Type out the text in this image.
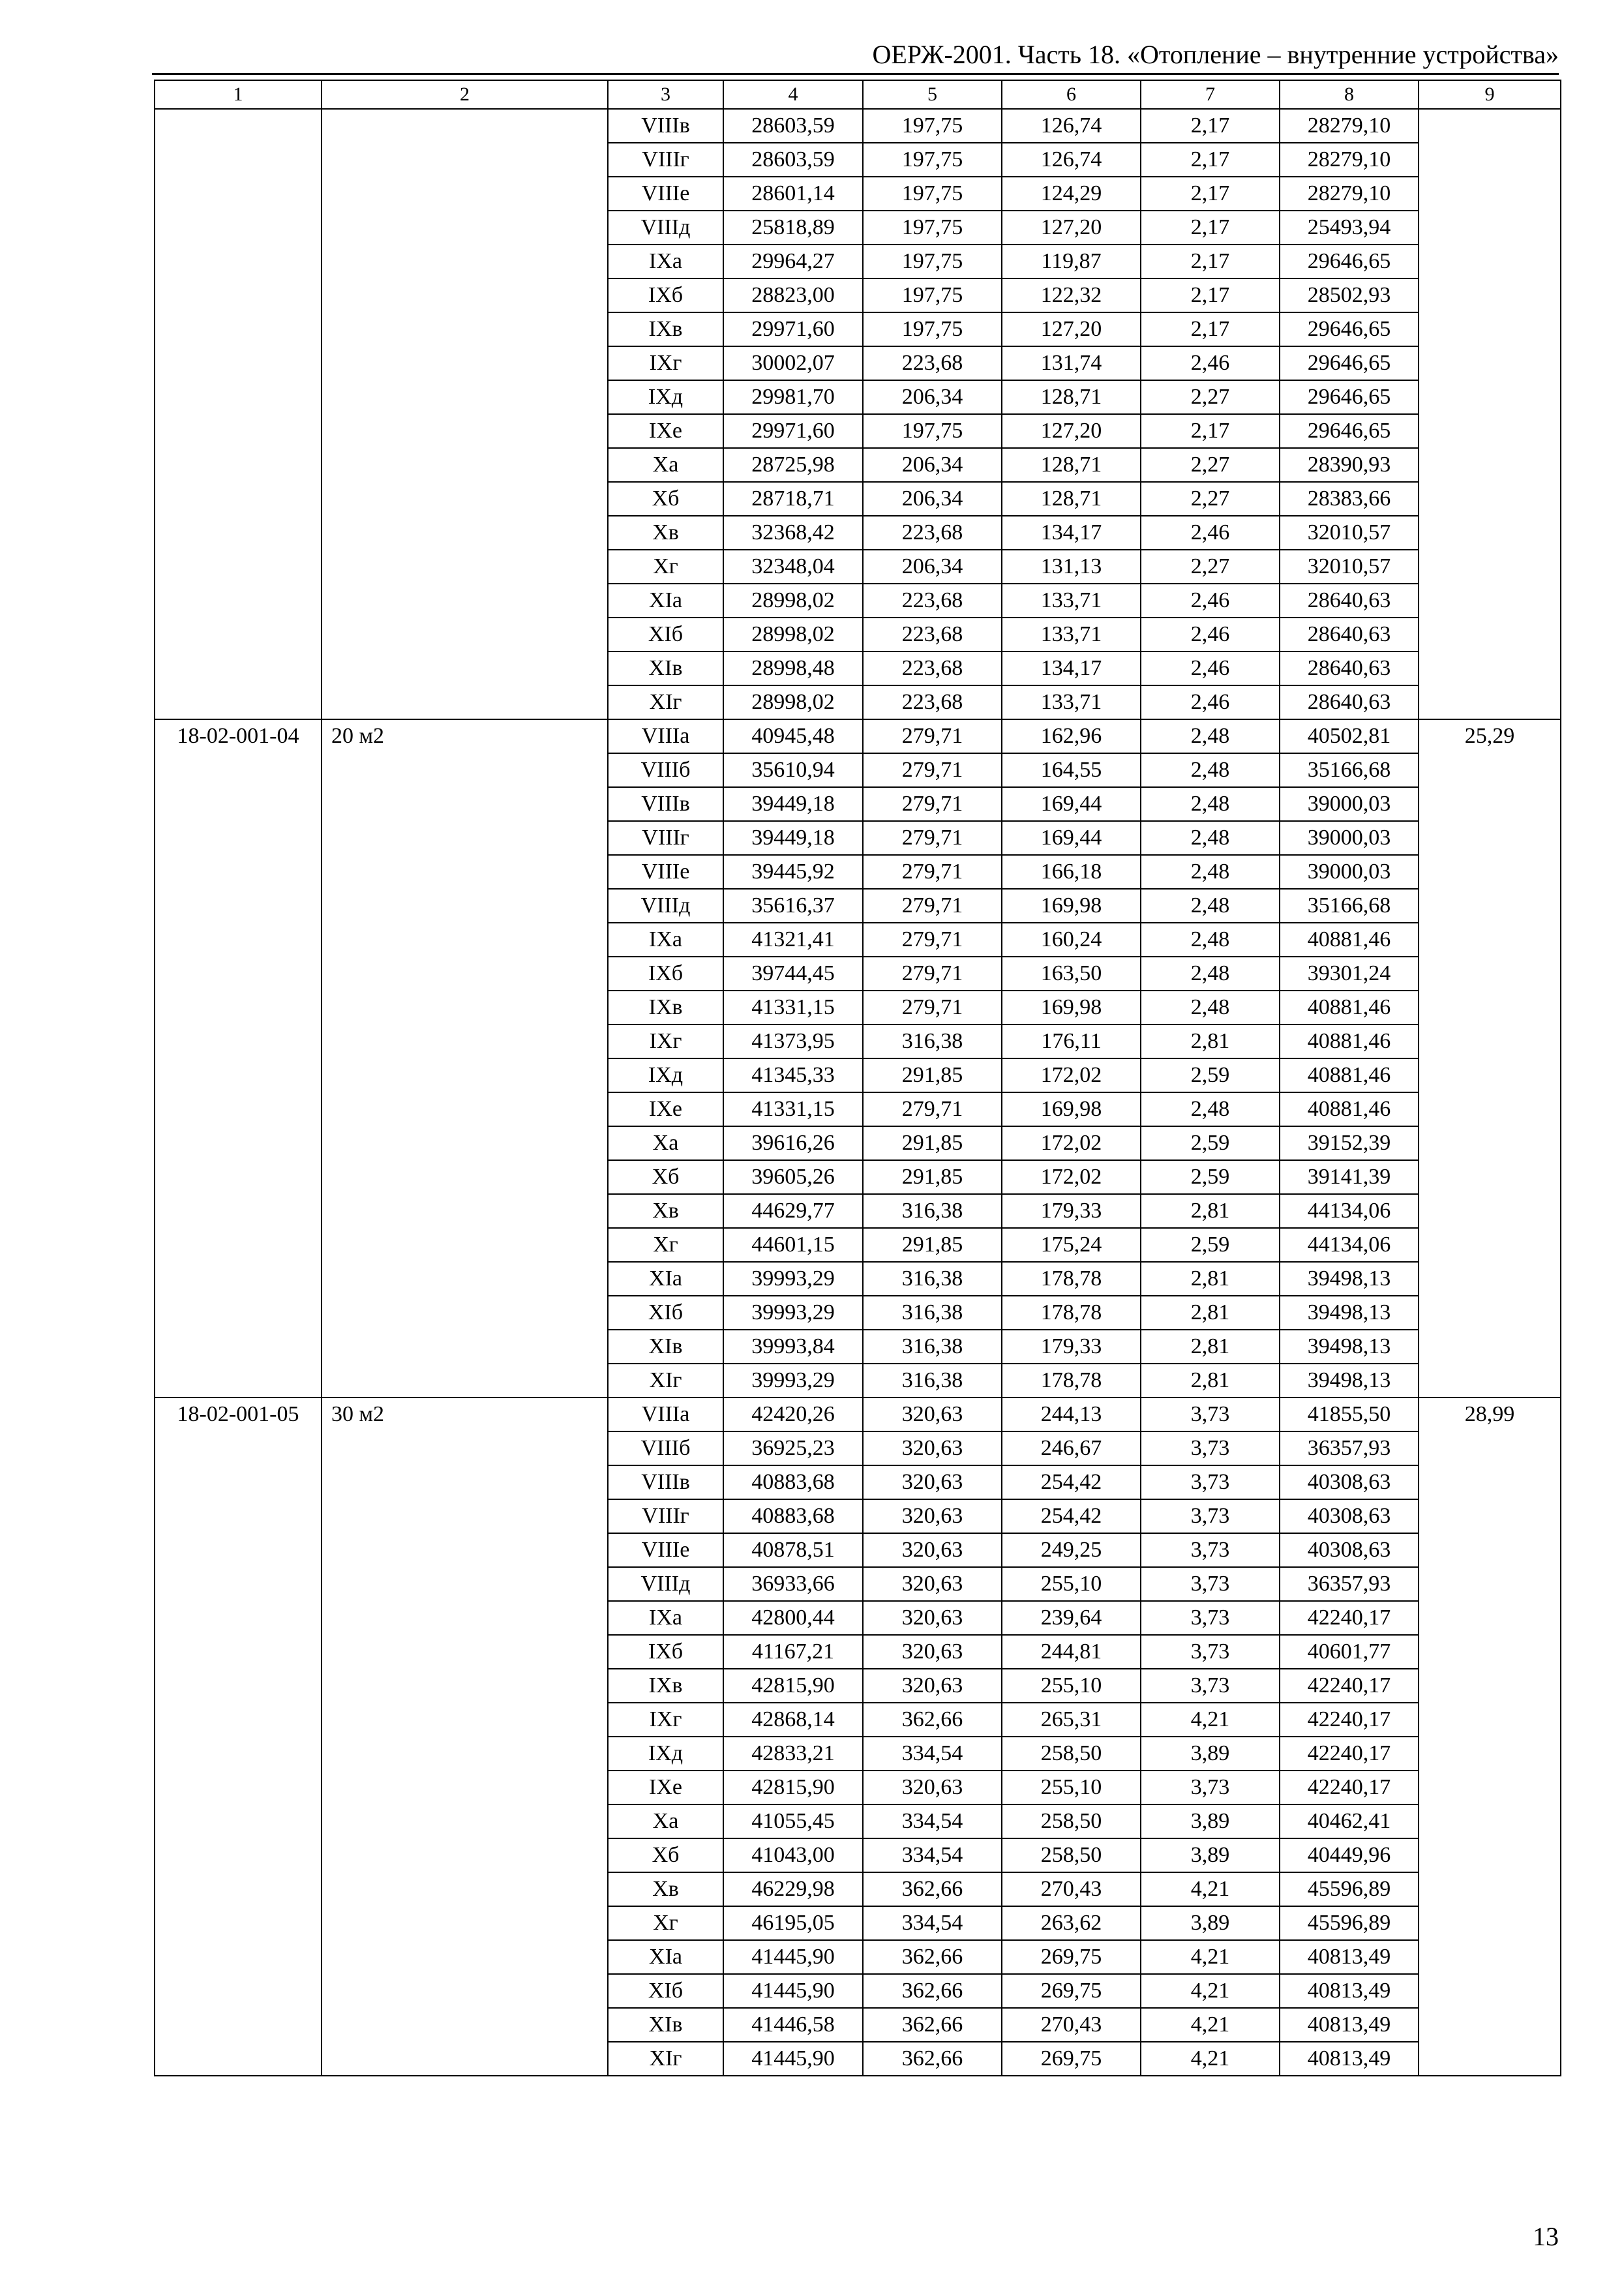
ОЕРЖ-2001. Часть 18. «Отопление – внутренние устройства»
1	2	3	4	5	6	7	8	9
		VIIIв	28603,59	197,75	126,74	2,17	28279,10	
		VIIIг	28603,59	197,75	126,74	2,17	28279,10	
		VIIIе	28601,14	197,75	124,29	2,17	28279,10	
		VIIIд	25818,89	197,75	127,20	2,17	25493,94	
		IXа	29964,27	197,75	119,87	2,17	29646,65	
		IXб	28823,00	197,75	122,32	2,17	28502,93	
		IXв	29971,60	197,75	127,20	2,17	29646,65	
		IXг	30002,07	223,68	131,74	2,46	29646,65	
		IXд	29981,70	206,34	128,71	2,27	29646,65	
		IXе	29971,60	197,75	127,20	2,17	29646,65	
		Xа	28725,98	206,34	128,71	2,27	28390,93	
		Xб	28718,71	206,34	128,71	2,27	28383,66	
		Xв	32368,42	223,68	134,17	2,46	32010,57	
		Xг	32348,04	206,34	131,13	2,27	32010,57	
		XIа	28998,02	223,68	133,71	2,46	28640,63	
		XIб	28998,02	223,68	133,71	2,46	28640,63	
		XIв	28998,48	223,68	134,17	2,46	28640,63	
		XIг	28998,02	223,68	133,71	2,46	28640,63	
18-02-001-04	20 м2	VIIIа	40945,48	279,71	162,96	2,48	40502,81	25,29
		VIIIб	35610,94	279,71	164,55	2,48	35166,68	
		VIIIв	39449,18	279,71	169,44	2,48	39000,03	
		VIIIг	39449,18	279,71	169,44	2,48	39000,03	
		VIIIе	39445,92	279,71	166,18	2,48	39000,03	
		VIIIд	35616,37	279,71	169,98	2,48	35166,68	
		IXа	41321,41	279,71	160,24	2,48	40881,46	
		IXб	39744,45	279,71	163,50	2,48	39301,24	
		IXв	41331,15	279,71	169,98	2,48	40881,46	
		IXг	41373,95	316,38	176,11	2,81	40881,46	
		IXд	41345,33	291,85	172,02	2,59	40881,46	
		IXе	41331,15	279,71	169,98	2,48	40881,46	
		Xа	39616,26	291,85	172,02	2,59	39152,39	
		Xб	39605,26	291,85	172,02	2,59	39141,39	
		Xв	44629,77	316,38	179,33	2,81	44134,06	
		Xг	44601,15	291,85	175,24	2,59	44134,06	
		XIа	39993,29	316,38	178,78	2,81	39498,13	
		XIб	39993,29	316,38	178,78	2,81	39498,13	
		XIв	39993,84	316,38	179,33	2,81	39498,13	
		XIг	39993,29	316,38	178,78	2,81	39498,13	
18-02-001-05	30 м2	VIIIа	42420,26	320,63	244,13	3,73	41855,50	28,99
		VIIIб	36925,23	320,63	246,67	3,73	36357,93	
		VIIIв	40883,68	320,63	254,42	3,73	40308,63	
		VIIIг	40883,68	320,63	254,42	3,73	40308,63	
		VIIIе	40878,51	320,63	249,25	3,73	40308,63	
		VIIIд	36933,66	320,63	255,10	3,73	36357,93	
		IXа	42800,44	320,63	239,64	3,73	42240,17	
		IXб	41167,21	320,63	244,81	3,73	40601,77	
		IXв	42815,90	320,63	255,10	3,73	42240,17	
		IXг	42868,14	362,66	265,31	4,21	42240,17	
		IXд	42833,21	334,54	258,50	3,89	42240,17	
		IXе	42815,90	320,63	255,10	3,73	42240,17	
		Xа	41055,45	334,54	258,50	3,89	40462,41	
		Xб	41043,00	334,54	258,50	3,89	40449,96	
		Xв	46229,98	362,66	270,43	4,21	45596,89	
		Xг	46195,05	334,54	263,62	3,89	45596,89	
		XIа	41445,90	362,66	269,75	4,21	40813,49	
		XIб	41445,90	362,66	269,75	4,21	40813,49	
		XIв	41446,58	362,66	270,43	4,21	40813,49	
		XIг	41445,90	362,66	269,75	4,21	40813,49	
13
